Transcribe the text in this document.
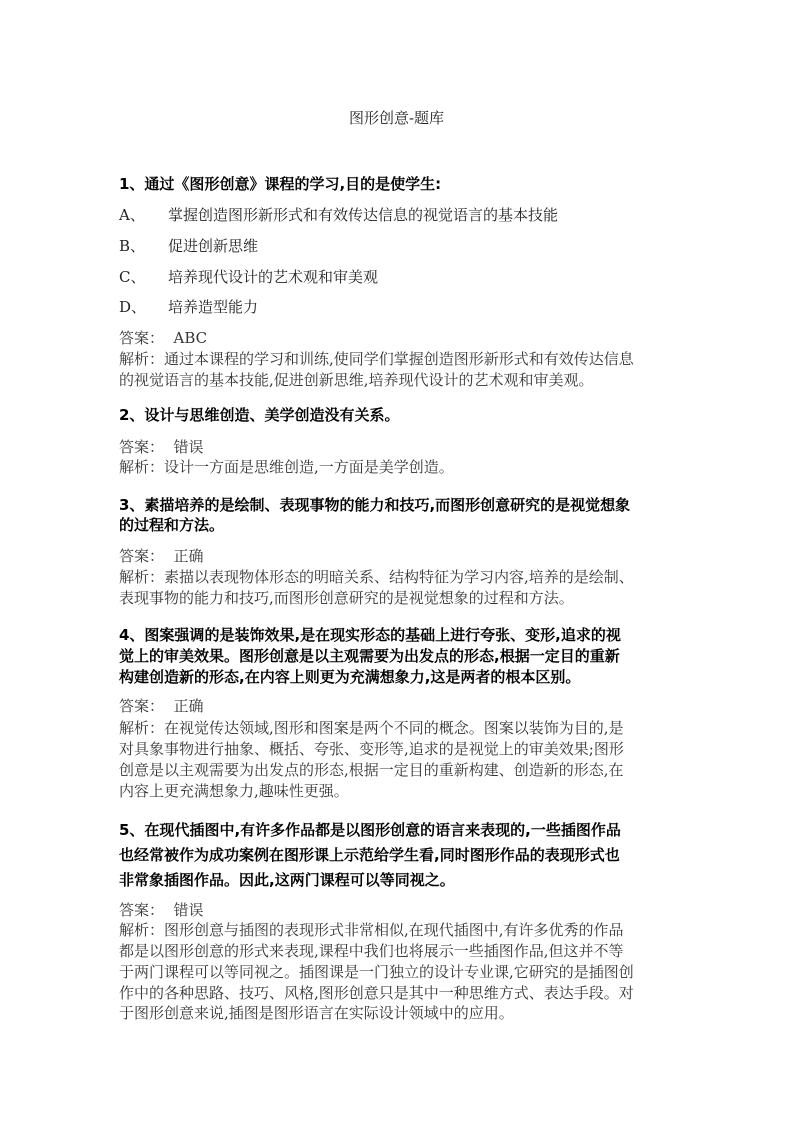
图形创意-题库
1、通过《图形创意》课程的学习,目的是使学生:
A、 掌握创造图形新形式和有效传达信息的视觉语言的基本技能
B、 促进创新思维
C、 培养现代设计的艺术观和审美观
D、 培养造型能力
答案：  ABC
解析：通过本课程的学习和训练,使同学们掌握创造图形新形式和有效传达信息
的视觉语言的基本技能,促进创新思维,培养现代设计的艺术观和审美观。
2、设计与思维创造、美学创造没有关系。
答案：  错误
解析：设计一方面是思维创造,一方面是美学创造。
3、素描培养的是绘制、表现事物的能力和技巧,而图形创意研究的是视觉想象
的过程和方法。
答案：  正确
解析：素描以表现物体形态的明暗关系、结构特征为学习内容,培养的是绘制、
表现事物的能力和技巧,而图形创意研究的是视觉想象的过程和方法。
4、图案强调的是装饰效果,是在现实形态的基础上进行夸张、变形,追求的视
觉上的审美效果。图形创意是以主观需要为出发点的形态,根据一定目的重新
构建创造新的形态,在内容上则更为充满想象力,这是两者的根本区别。
答案：  正确
解析：在视觉传达领域,图形和图案是两个不同的概念。图案以装饰为目的,是
对具象事物进行抽象、概括、夸张、变形等,追求的是视觉上的审美效果;图形
创意是以主观需要为出发点的形态,根据一定目的重新构建、创造新的形态,在
内容上更充满想象力,趣味性更强。
5、在现代插图中,有许多作品都是以图形创意的语言来表现的,一些插图作品
也经常被作为成功案例在图形课上示范给学生看,同时图形作品的表现形式也
非常象插图作品。因此,这两门课程可以等同视之。
答案：  错误
解析：图形创意与插图的表现形式非常相似,在现代插图中,有许多优秀的作品
都是以图形创意的形式来表现,课程中我们也将展示一些插图作品,但这并不等
于两门课程可以等同视之。插图课是一门独立的设计专业课,它研究的是插图创
作中的各种思路、技巧、风格,图形创意只是其中一种思维方式、表达手段。对
于图形创意来说,插图是图形语言在实际设计领域中的应用。
